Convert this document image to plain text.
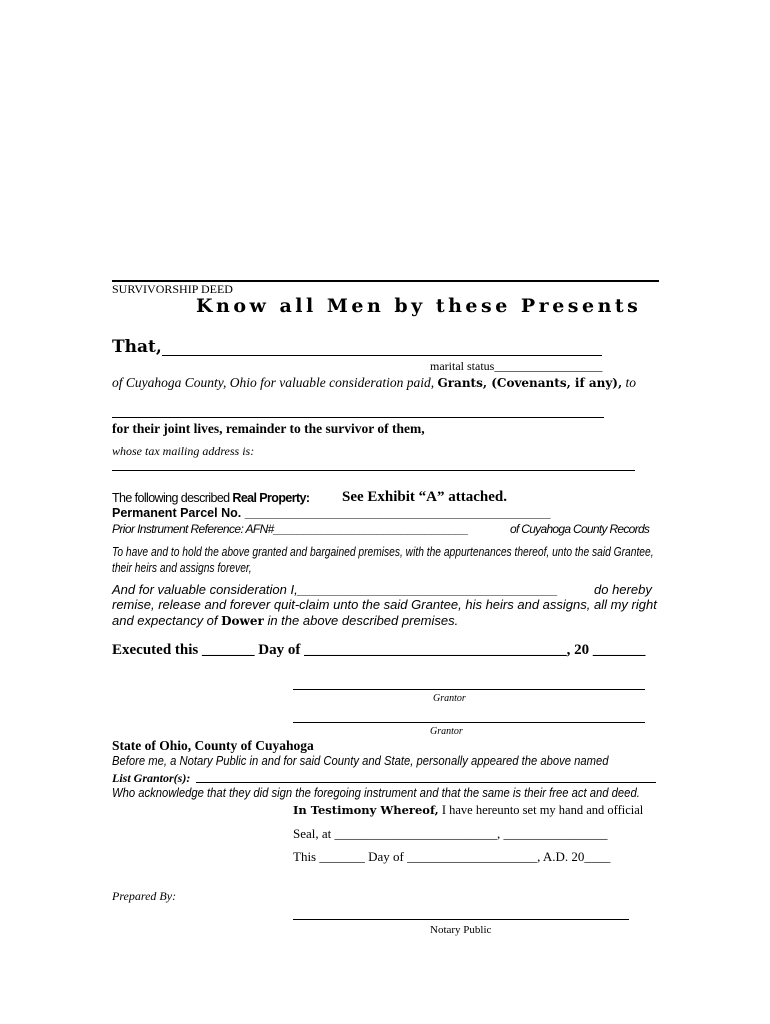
SURVIVORSHIP DEED
Know all Men by these Presents
That,
marital status__________________
of Cuyahoga County, Ohio for valuable consideration paid, Grants, (Covenants, if any), to
for their joint lives, remainder to the survivor of them,
whose tax mailing address is:
The following described Real Property: See Exhibit “A” attached.
Permanent Parcel No. ____________________________________________
Prior Instrument Reference: AFN#________________________________	of Cuyahoga County Records
To have and to hold the above granted and bargained premises, with the appurtenances thereof, unto the said Grantee,
their heirs and assigns forever,
And for valuable consideration I,____________________________________	do hereby
remise, release and forever quit-claim unto the said Grantee, his heirs and assigns, all my right
and expectancy of Dower in the above described premises.
Executed this _______ Day of ___________________________________, 20 _______
Grantor
Grantor
State of Ohio, County of Cuyahoga
Before me, a Notary Public in and for said County and State, personally appeared the above named
List Grantor(s):
Who acknowledge that they did sign the foregoing instrument and that the same is their free act and deed.
In Testimony Whereof, I have hereunto set my hand and official
Seal, at _________________________, ________________
This _______ Day of ____________________, A.D. 20____
Prepared By:
Notary Public
